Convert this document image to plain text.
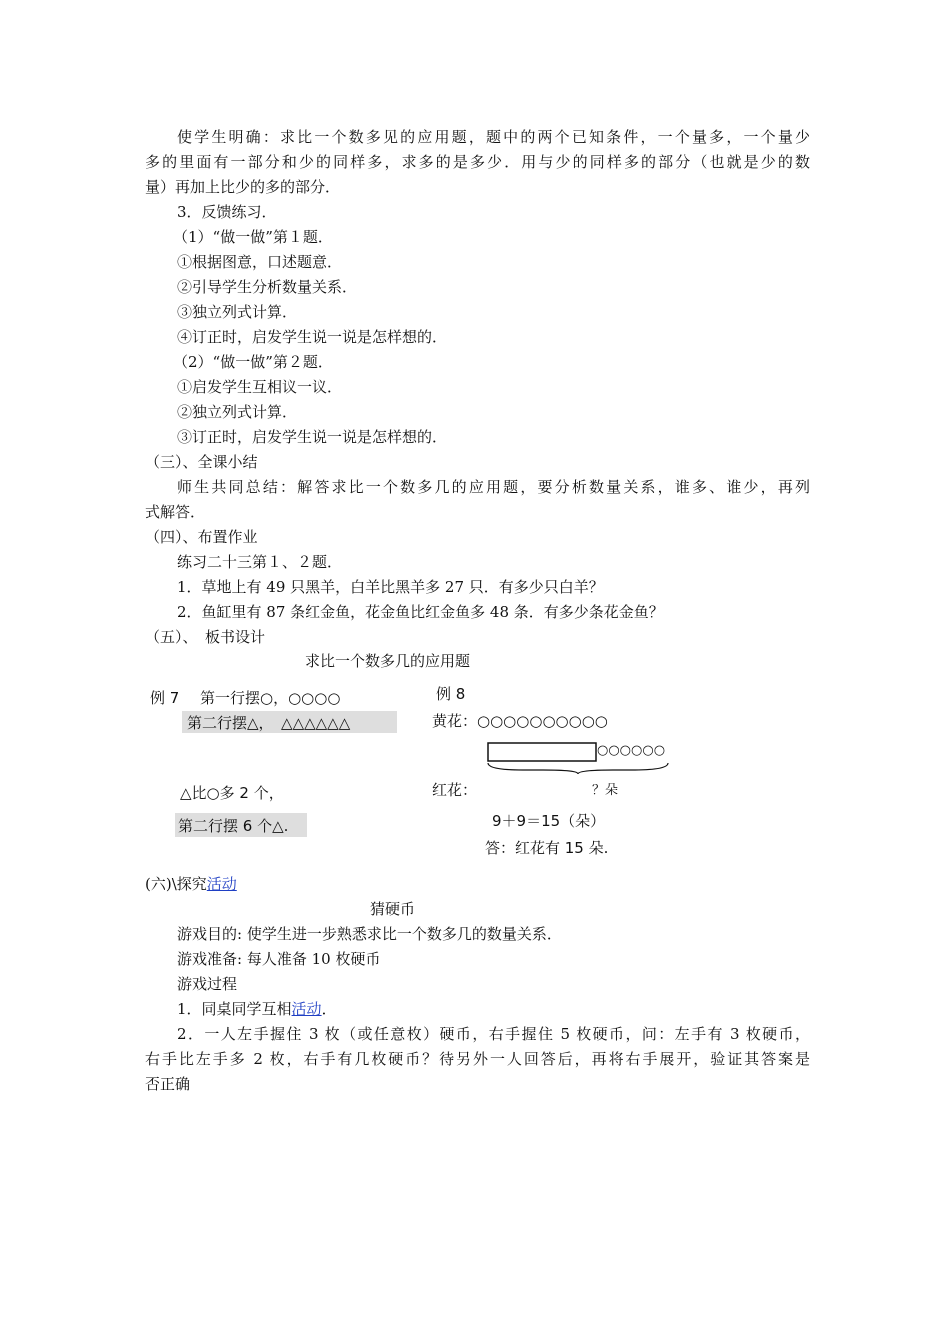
使学生明确：求比一个数多见的应用题，题中的两个已知条件，一个量多，一个量少
多的里面有一部分和少的同样多，求多的是多少．用与少的同样多的部分（也就是少的数
量）再加上比少的多的部分．
3．反馈练习．
（1）“做一做”第１题．
①根据图意，口述题意．
②引导学生分析数量关系．
③独立列式计算．
④订正时，启发学生说一说是怎样想的．
（2）“做一做”第２题．
①启发学生互相议一议．
②独立列式计算．
③订正时，启发学生说一说是怎样想的．
（三）、全课小结
师生共同总结：解答求比一个数多几的应用题，要分析数量关系，谁多、谁少，再列
式解答．
（四）、布置作业
练习二十三第１、２题．
1．草地上有 49 只黑羊，白羊比黑羊多 27 只．有多少只白羊？
2．鱼缸里有 87 条红金鱼，花金鱼比红金鱼多 48 条．有多少条花金鱼？
（五）、　板书设计
求比一个数多几的应用题
例 7 第一行摆○，○○○○
第二行摆△，　△△△△△△
△比○多 2 个，
第二行摆 6 个△.
例 8
黄花：○○○○○○○○○○
○○○○○○
红花：	？朵
9＋9＝15（朵）
答：红花有 15 朵.
(六)\探究活动
猜硬币
游戏目的: 使学生进一步熟悉求比一个数多几的数量关系．
游戏准备: 每人准备 10 枚硬币
游戏过程
1．同桌同学互相活动．
2．一人左手握住 3 枚（或任意枚）硬币，右手握住 5 枚硬币，问：左手有 3 枚硬币，
右手比左手多 2 枚，右手有几枚硬币？待另外一人回答后，再将右手展开，验证其答案是
否正确
